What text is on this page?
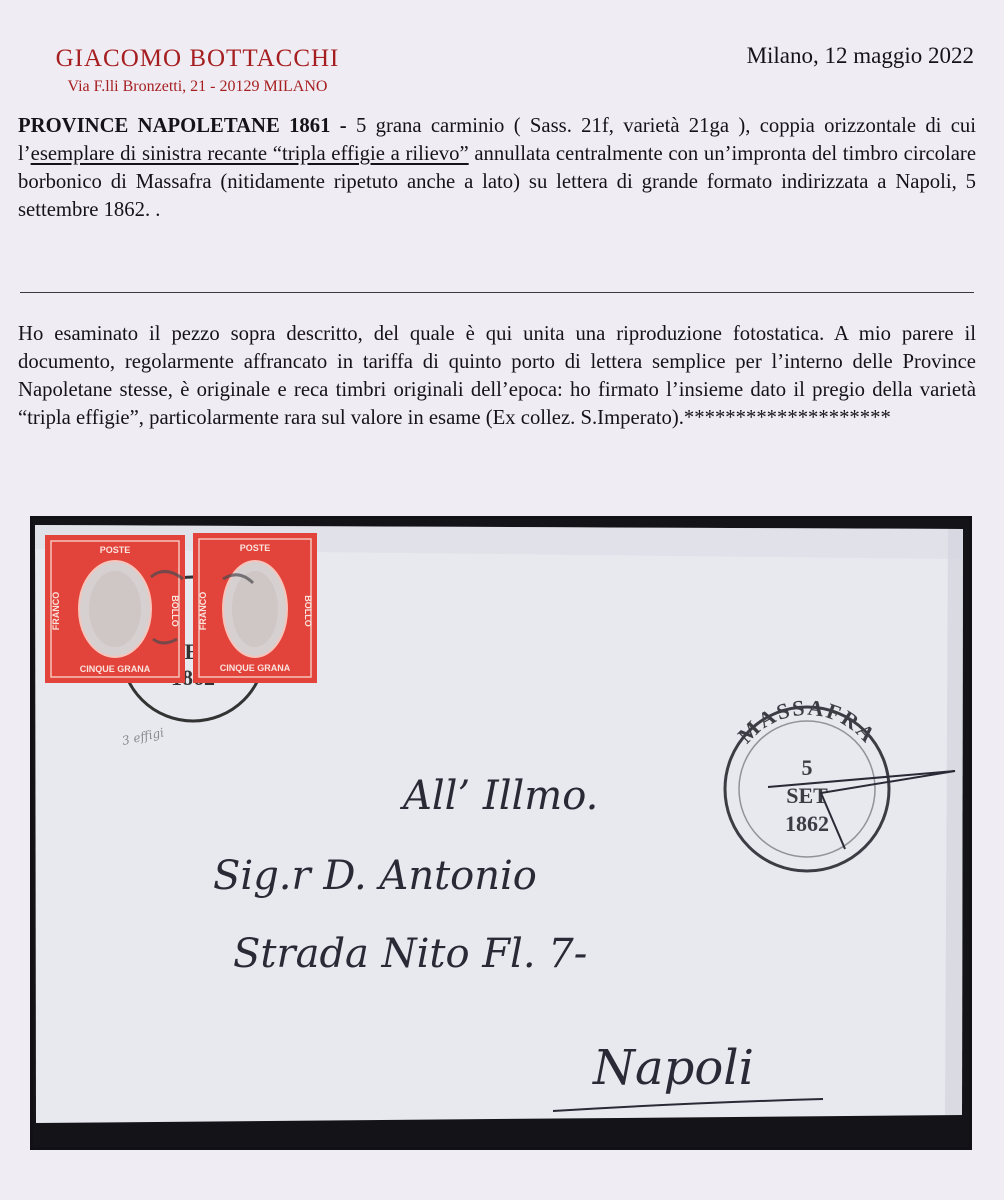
GIACOMO BOTTACCHI
Via F.lli Bronzetti, 21 - 20129 MILANO
Milano, 12 maggio 2022
PROVINCE NAPOLETANE 1861 - 5 grana carminio ( Sass. 21f, varietà 21ga ), coppia orizzontale di cui l’esemplare di sinistra recante “tripla effigie a rilievo” annullata centralmente con un’impronta del timbro circolare borbonico di Massafra (nitidamente ripetuto anche a lato) su lettera di grande formato indirizzata a Napoli, 5 settembre 1862. .
Ho esaminato il pezzo sopra descritto, del quale è qui unita una riproduzione fotostatica. A mio parere il documento, regolarmente affrancato in tariffa di quinto porto di lettera semplice per l’interno delle Province Napoletane stesse, è originale e reca timbri originali dell’epoca: ho firmato l’insieme dato il pregio della varietà “tripla effigie”, particolarmente rara sul valore in esame (Ex collez. S.Imperato).********************
POSTE
FRANCO	BOLLO
CINQUE GRANA
POSTE
FRANCO	BOLLO
CINQUE GRANA
3 effigi	MASSAFRA
5
SET
1862
All’ Illmo.
Sig.r D. Antonio
Strada Nito Fl. 7-
Napoli
